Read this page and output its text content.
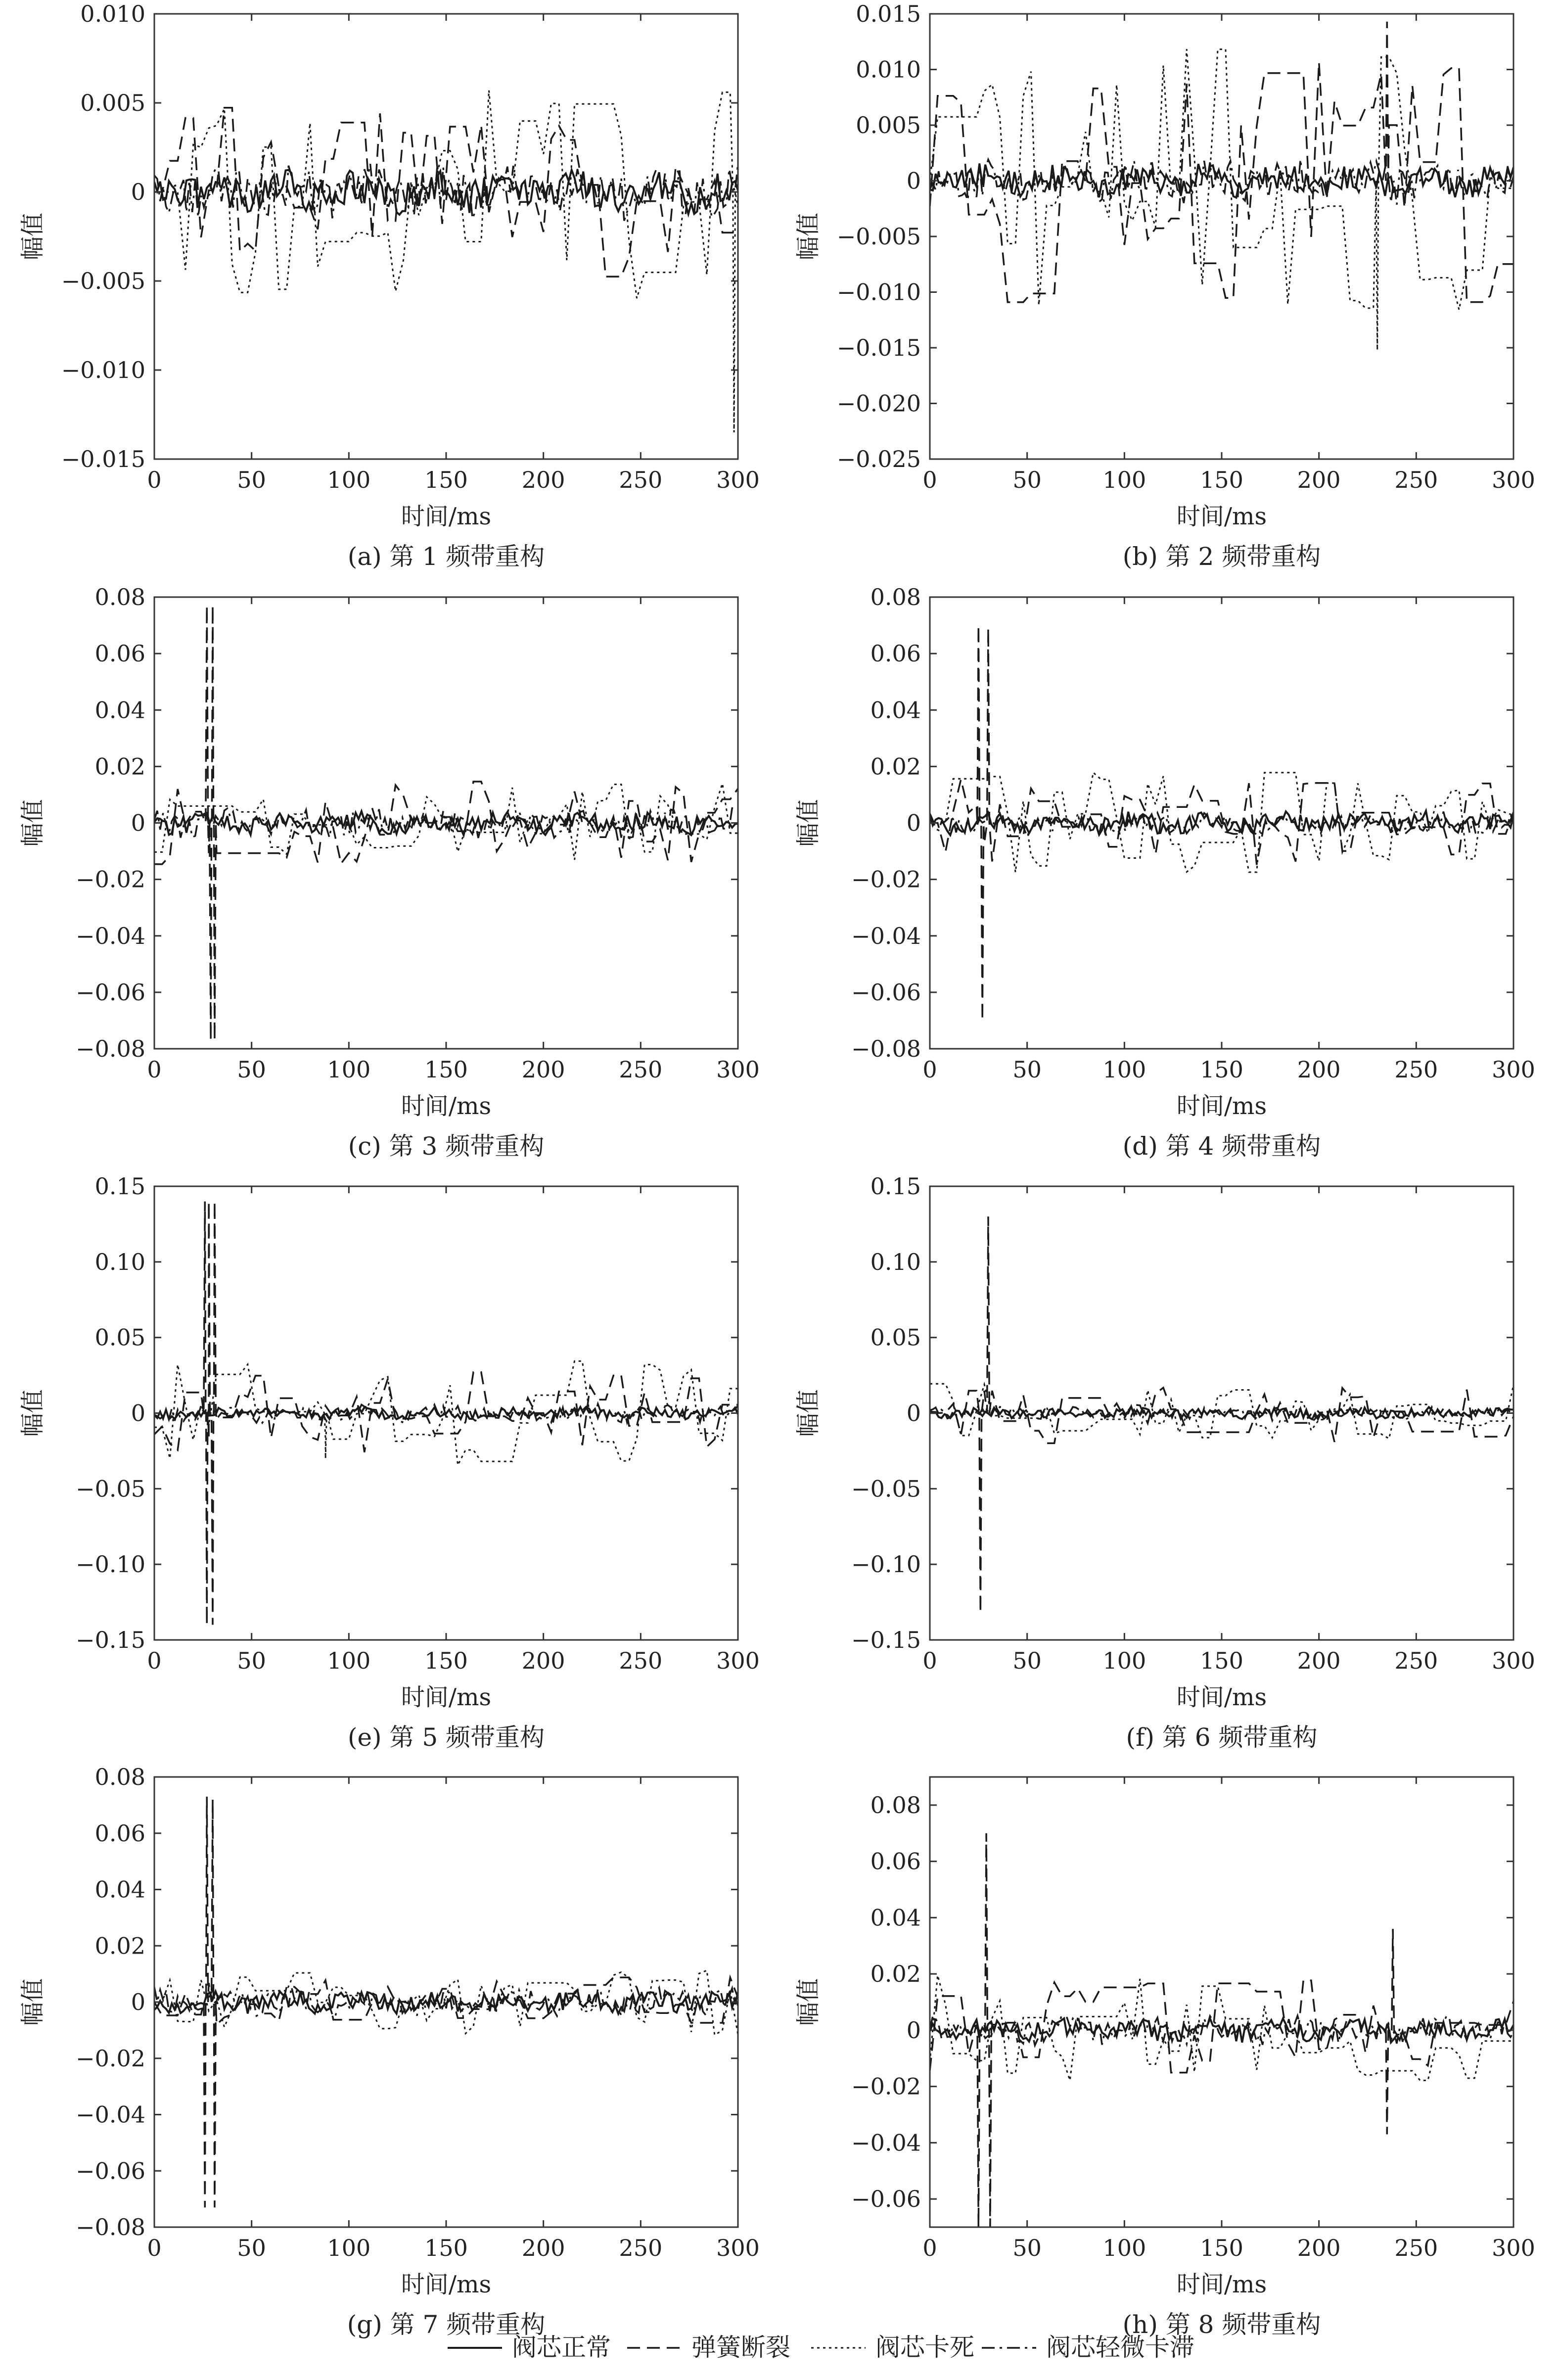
−0.015
−0.010
−0.005
0
0.005
0.010
0	50	100 150 200 250 300
时间/ms
幅值
(a) 第 1 频带重构
−0.025
−0.020
−0.015
−0.010
−0.005
0
0.005
0.010
0.015
0	50	100 150 200 250 300
时间/ms
幅值
(b) 第 2 频带重构
−0.08
−0.06
−0.04
−0.02
0
0.02
0.04
0.06
0.08
0	50	100 150 200 250 300
时间/ms
幅值
(c) 第 3 频带重构
−0.08
−0.06
−0.04
−0.02
0
0.02
0.04
0.06
0.08
0	50	100 150 200 250 300
时间/ms
幅值
(d) 第 4 频带重构
−0.15
−0.10
−0.05
0
0.05
0.10
0.15
0	50	100 150 200 250 300
时间/ms
幅值
(e) 第 5 频带重构
−0.15
−0.10
−0.05
0
0.05
0.10
0.15
0	50	100 150 200 250 300
时间/ms
幅值
(f) 第 6 频带重构
−0.08
−0.06
−0.04
−0.02
0
0.02
0.04
0.06
0.08
0	50	100 150 200 250 300
时间/ms
幅值
(g) 第 7 频带重构
−0.06
−0.04
−0.02
0
0.02
0.04
0.06
0.08
0	50	100 150 200 250 300
时间/ms
幅值
(h) 第 8 频带重构
阀芯正常	弹簧断裂	阀芯卡死	阀芯轻微卡滞
